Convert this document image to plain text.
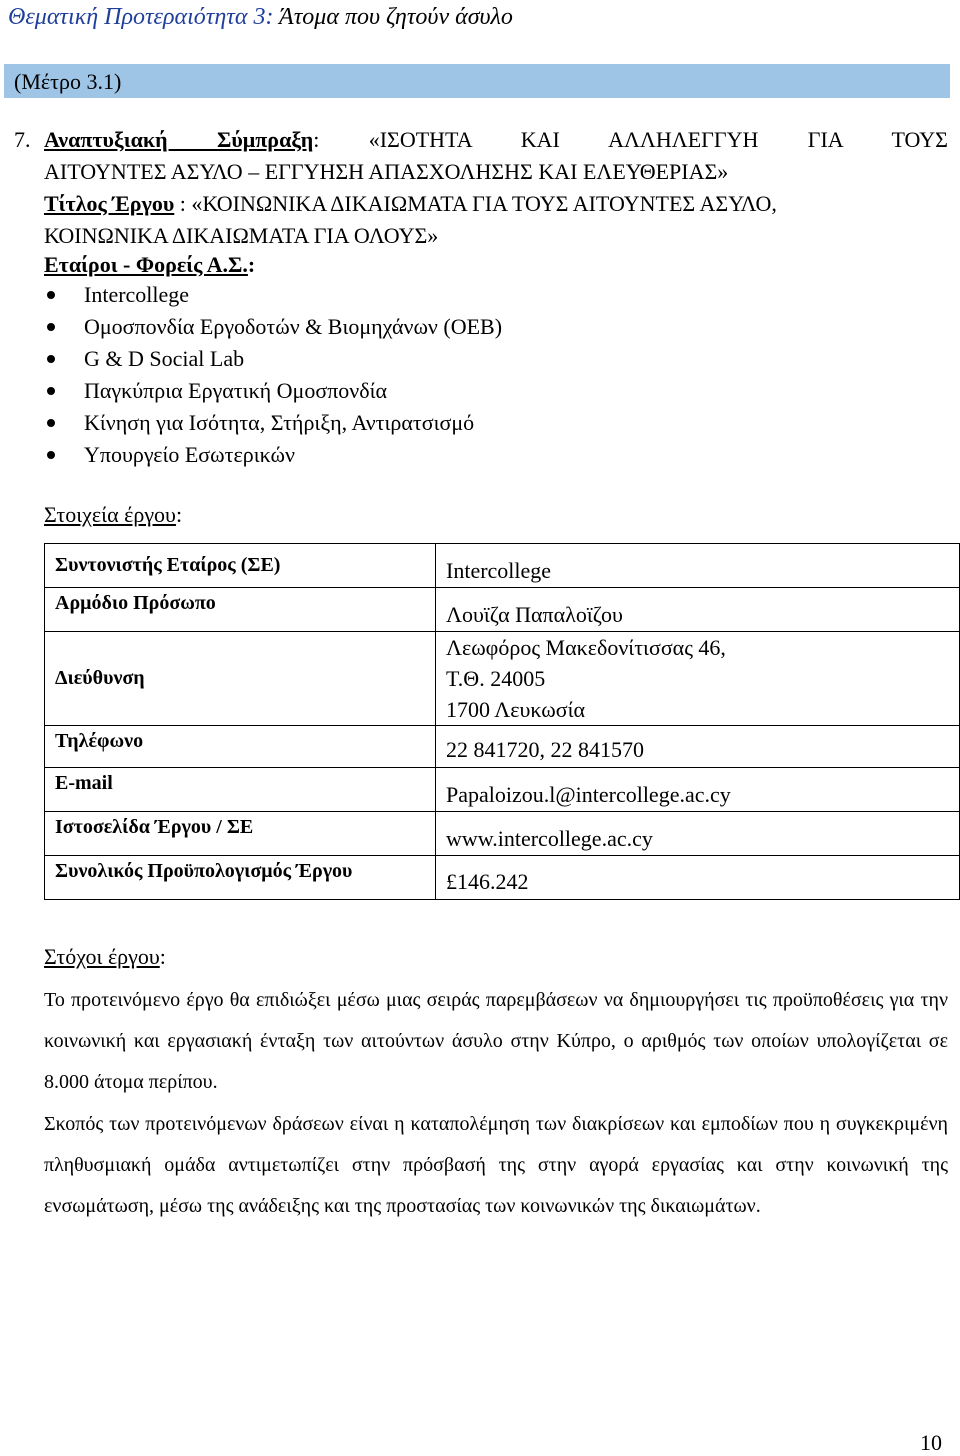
Θεματική Προτεραιότητα 3: Άτομα που ζητούν άσυλο
(Μέτρο 3.1)
7. Αναπτυξιακή Σύμπραξη: «ΙΣΟΤΗΤΑ ΚΑΙ ΑΛΛΗΛΕΓΓΥΗ ΓΙΑ ΤΟΥΣ
ΑΙΤΟΥΝΤΕΣ ΑΣΥΛΟ – ΕΓΓΥΗΣΗ ΑΠΑΣΧΟΛΗΣΗΣ ΚΑΙ ΕΛΕΥΘΕΡΙΑΣ»
Τίτλος Έργου : «ΚΟΙΝΩΝΙΚΑ ΔΙΚΑΙΩΜΑΤΑ ΓΙΑ ΤΟΥΣ ΑΙΤΟΥΝΤΕΣ ΑΣΥΛΟ,
ΚΟΙΝΩΝΙΚΑ ΔΙΚΑΙΩΜΑΤΑ ΓΙΑ ΟΛΟΥΣ»
Εταίροι - Φορείς Α.Σ.:
Intercollege
Ομοσπονδία Εργοδοτών & Βιομηχάνων (ΟΕΒ)
G & D Social Lab
Παγκύπρια Εργατική Ομοσπονδία
Κίνηση για Ισότητα, Στήριξη, Αντιρατσισμό
Υπουργείο Εσωτερικών
Στοιχεία έργου:
Συντονιστής Εταίρος (ΣΕ)	Intercollege
Αρμόδιο Πρόσωπο	Λουϊζα Παπαλοϊζου
Διεύθυνση	Λεωφόρος Μακεδονίτισσας 46,
Τ.Θ. 24005
1700 Λευκωσία

Τηλέφωνο	22 841720, 22 841570
E-mail	Papaloizou.l@intercollege.ac.cy
Ιστοσελίδα Έργου / ΣΕ	www.intercollege.ac.cy
Συνολικός Προϋπολογισμός Έργου	£146.242
Στόχοι έργου:

Το προτεινόμενο έργο θα επιδιώξει μέσω μιας σειράς παρεμβάσεων να δημιουργήσει τις προϋποθέσεις για την κοινωνική και εργασιακή ένταξη των αιτούντων άσυλο στην Κύπρο, ο αριθμός των οποίων υπολογίζεται σε 8.000 άτομα περίπου.

Σκοπός των προτεινόμενων δράσεων είναι η καταπολέμηση των διακρίσεων και εμποδίων που η συγκεκριμένη πληθυσμιακή ομάδα αντιμετωπίζει στην πρόσβασή της στην αγορά εργασίας και στην κοινωνική της ενσωμάτωση, μέσω της ανάδειξης και της προστασίας των κοινωνικών της δικαιωμάτων.

10
